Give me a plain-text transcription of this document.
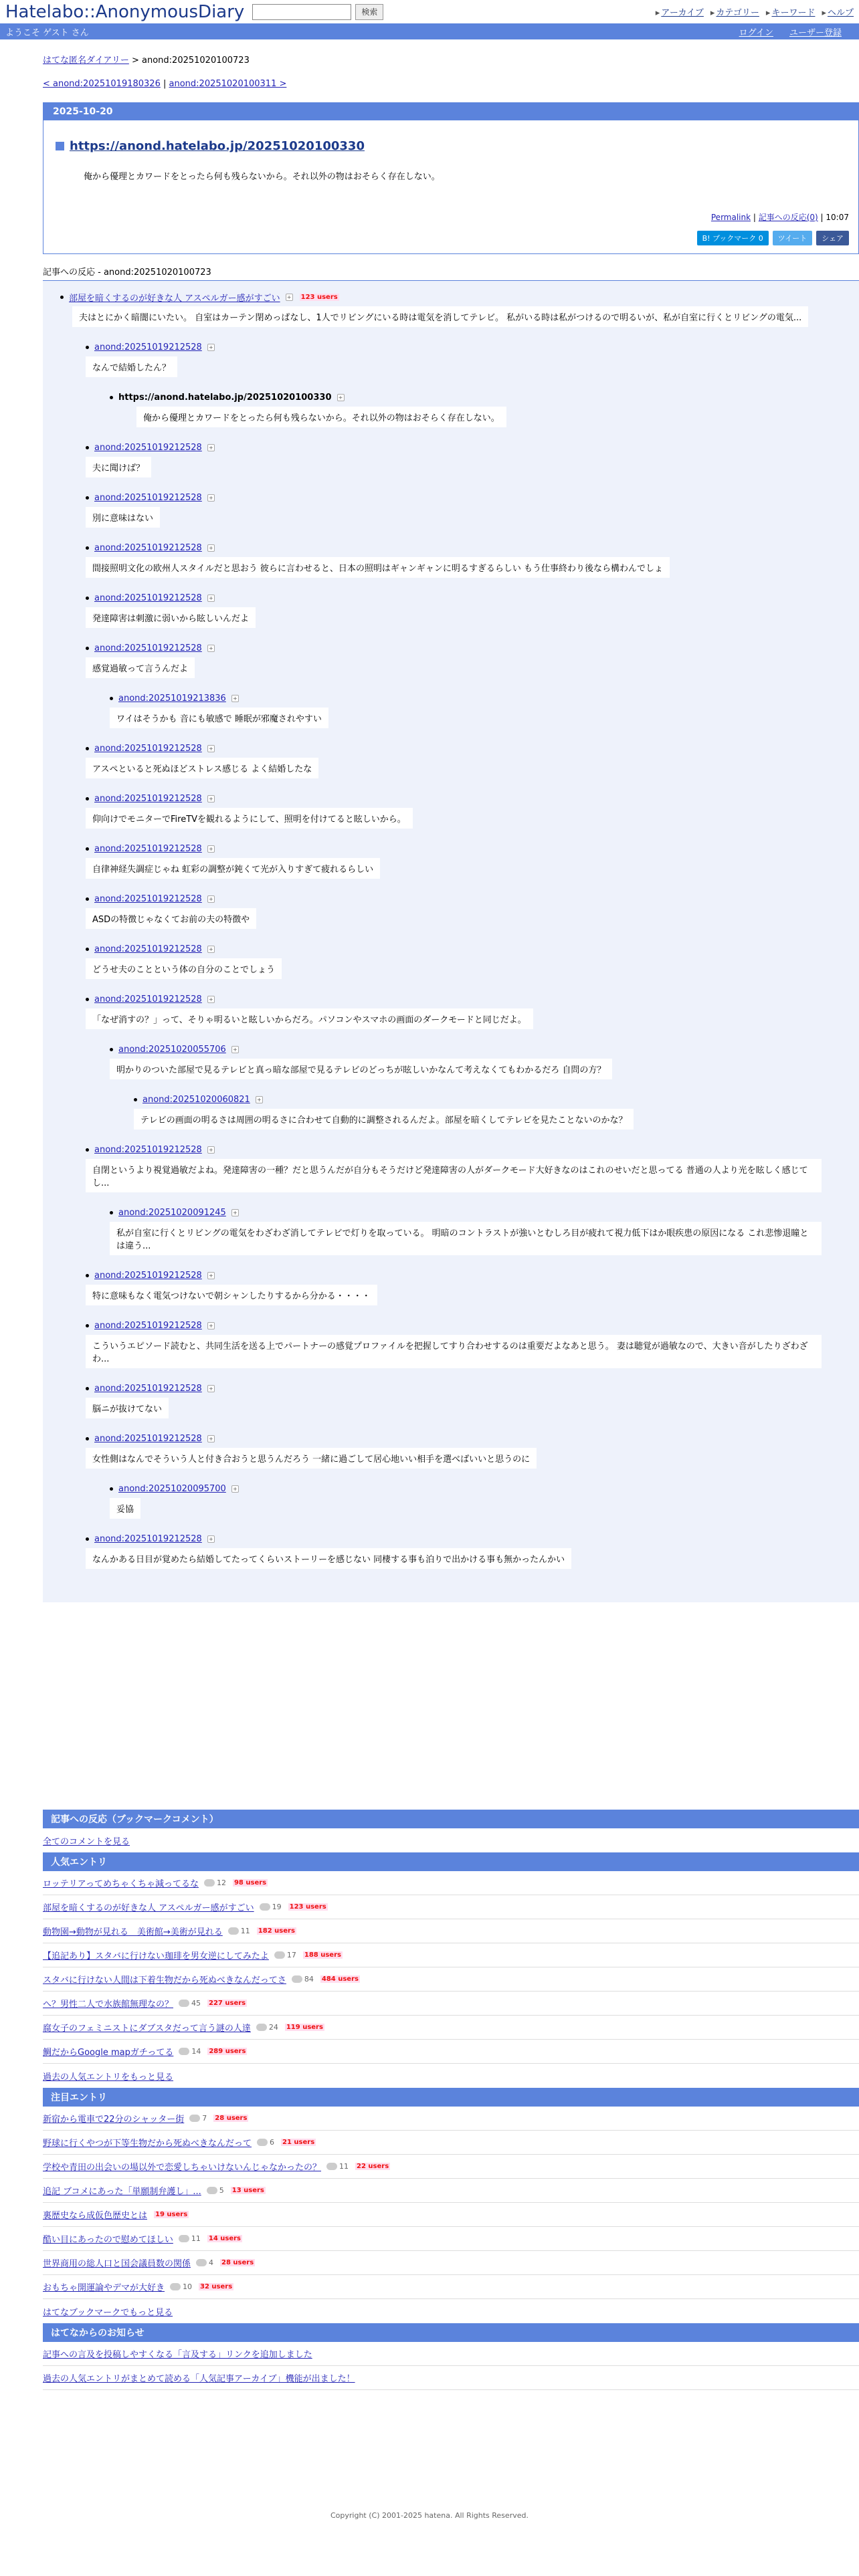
Hatelabo::AnonymousDiary	検索	▸ アーカイブ ▸ カテゴリー ▸ キーワード ▸ ヘルプ
ようこそ ゲスト さん	ログイン ユーザー登録
はてな匿名ダイアリー > anond:20251020100723
< anond:20251019180326 | anond:20251020100311 >
2025-10-20
https://anond.hatelabo.jp/20251020100330
俺から優理とカワードをとったら何も残らないから。それ以外の物はおそらく存在しない。
Permalink | 記事への反応(0) | 10:07
B! ブックマーク 0	ツイート	シェア
記事への反応 - anond:20251020100723
部屋を暗くするのが好きな人 アスペルガー感がすごい + 123 users
夫はとにかく暗闇にいたい。 自室はカーテン閉めっぱなし、1人でリビングにいる時は電気を消してテレビ。 私がいる時は私がつけるので明るいが、私が自室に行くとリビングの電気...
anond:20251019212528 +
なんで結婚したん？
https://anond.hatelabo.jp/20251020100330 +
俺から優理とカワードをとったら何も残らないから。それ以外の物はおそらく存在しない。
anond:20251019212528 +
夫に聞けば？
anond:20251019212528 +
別に意味はない
anond:20251019212528 +
間接照明文化の欧州人スタイルだと思おう 彼らに言わせると、日本の照明はギャンギャンに明るすぎるらしい もう仕事終わり後なら構わんでしょ
anond:20251019212528 +
発達障害は刺激に弱いから眩しいんだよ
anond:20251019212528 +
感覚過敏って言うんだよ
anond:20251019213836 +
ワイはそうかも 音にも敏感で 睡眠が邪魔されやすい
anond:20251019212528 +
アスペといると死ぬほどストレス感じる よく結婚したな
anond:20251019212528 +
仰向けでモニターでFireTVを観れるようにして、照明を付けてると眩しいから。
anond:20251019212528 +
自律神経失調症じゃね 虹彩の調整が鈍くて光が入りすぎて疲れるらしい
anond:20251019212528 +
ASDの特徴じゃなくてお前の夫の特徴や
anond:20251019212528 +
どうせ夫のことという体の自分のことでしょう
anond:20251019212528 +
「なぜ消すの？」って、そりゃ明るいと眩しいからだろ。パソコンやスマホの画面のダークモードと同じだよ。
anond:20251020055706 +
明かりのついた部屋で見るテレビと真っ暗な部屋で見るテレビのどっちが眩しいかなんて考えなくてもわかるだろ 自問の方？
anond:20251020060821 +
テレビの画面の明るさは周囲の明るさに合わせて自動的に調整されるんだよ。部屋を暗くしてテレビを見たことないのかな？
anond:20251019212528 +
自閉というより視覚過敏だよね。発達障害の一種？だと思うんだが自分もそうだけど発達障害の人がダークモード大好きなのはこれのせいだと思ってる 普通の人より光を眩しく感じてし...
anond:20251020091245 +
私が自室に行くとリビングの電気をわざわざ消してテレビで灯りを取っている。 明暗のコントラストが強いとむしろ目が疲れて視力低下はか眼疾患の原因になる これ悲惨退瞳とは違う...
anond:20251019212528 +
特に意味もなく電気つけないで朝シャンしたりするから分かる・・・・
anond:20251019212528 +
こういうエピソード読むと、共同生活を送る上でパートナーの感覚プロファイルを把握してすり合わせするのは重要だよなあと思う。 妻は聴覚が過敏なので、大きい音がしたりざわざわ...
anond:20251019212528 +
脳ニが抜けてない
anond:20251019212528 +
女性側はなんでそういう人と付き合おうと思うんだろう 一緒に過ごして居心地いい相手を選べばいいと思うのに
anond:20251020095700 +
妥協
anond:20251019212528 +
なんかある日目が覚めたら結婚してたってくらいストーリーを感じない 同棲する事も泊りで出かける事も無かったんかい
記事への反応（ブックマークコメント）
全てのコメントを見る
人気エントリ
ロッテリアってめちゃくちゃ減ってるな 12 98 users
部屋を暗くするのが好きな人 アスペルガー感がすごい 19 123 users
動物園→動物が見れる　美術館→美術が見れる 11 182 users
【追記あり】スタバに行けない珈琲を男女逆にしてみたよ 17 188 users
スタバに行けない人間は下着生物だから死ぬべきなんだってさ 84 484 users
へ？男性二人で水族館無理なの？ 45 227 users
腐女子のフェミニストにダブスタだって言う謎の人達 24 119 users
鯛だからGoogle mapガチってる 14 289 users
過去の人気エントリをもっと見る
注目エントリ
新宿から電車で22分のシャッター街 7 28 users
野球に行くやつが下等生物だから死ぬべきなんだって 6 21 users
学校や青田の出会いの場以外で恋愛しちゃいけないんじゃなかったの？ 11 22 users
追記 ブコメにあった「単願制弁護し」... 5 13 users
裏歴史なら成仮色歴史とは 19 users
酷い目にあったので慰めてほしい 11 14 users
世界商用の総人口と国会議員数の関係 4 28 users
おもちゃ開運論やデマが大好き 10 32 users
はてなブックマークでもっと見る
はてなからのお知らせ
記事への言及を投稿しやすくなる「言及する」リンクを追加しました
過去の人気エントリがまとめて読める「人気記事アーカイブ」機能が出ました！
Copyright (C) 2001-2025 hatena. All Rights Reserved.
